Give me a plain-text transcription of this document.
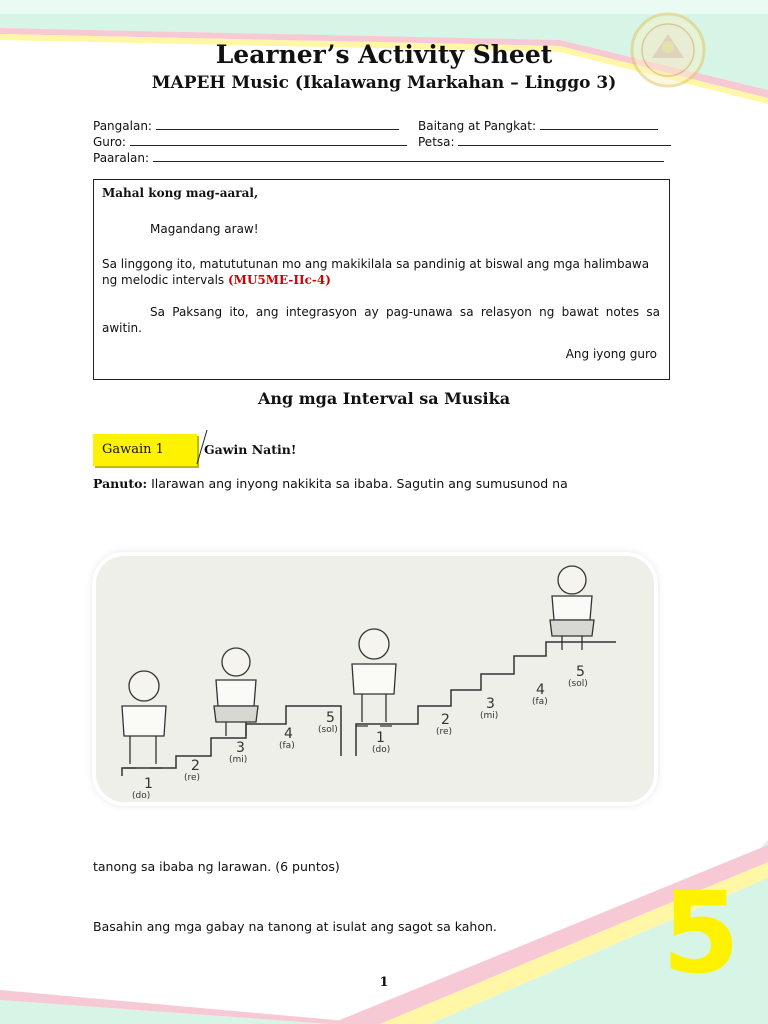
Learner’s Activity Sheet
MAPEH Music (Ikalawang Markahan – Linggo 3)
Pangalan:	Baitang at Pangkat:
Guro:	Petsa:
Paaralan:
Mahal kong mag-aaral,
Magandang araw!
Sa linggong ito, matututunan mo ang makikilala sa pandinig at biswal ang mga halimbawa ng melodic intervals (MU5ME-IIc-4)
Sa Paksang ito, ang integrasyon ay pag-unawa sa relasyon ng bawat notes sa awitin.
Ang iyong guro
Ang mga Interval sa Musika
Gawain 1	Gawin Natin!
Panuto: Ilarawan ang inyong nakikita sa ibaba. Sagutin ang sumusunod na
1
(do)
2
(re)
3
(mi)
4
(fa)
5
(sol)	1
(do)
2
(re)
3
(mi)
4
(fa)
5
(sol)
tanong sa ibaba ng larawan. (6 puntos)
Basahin ang mga gabay na tanong at isulat ang sagot sa kahon.
1	5
